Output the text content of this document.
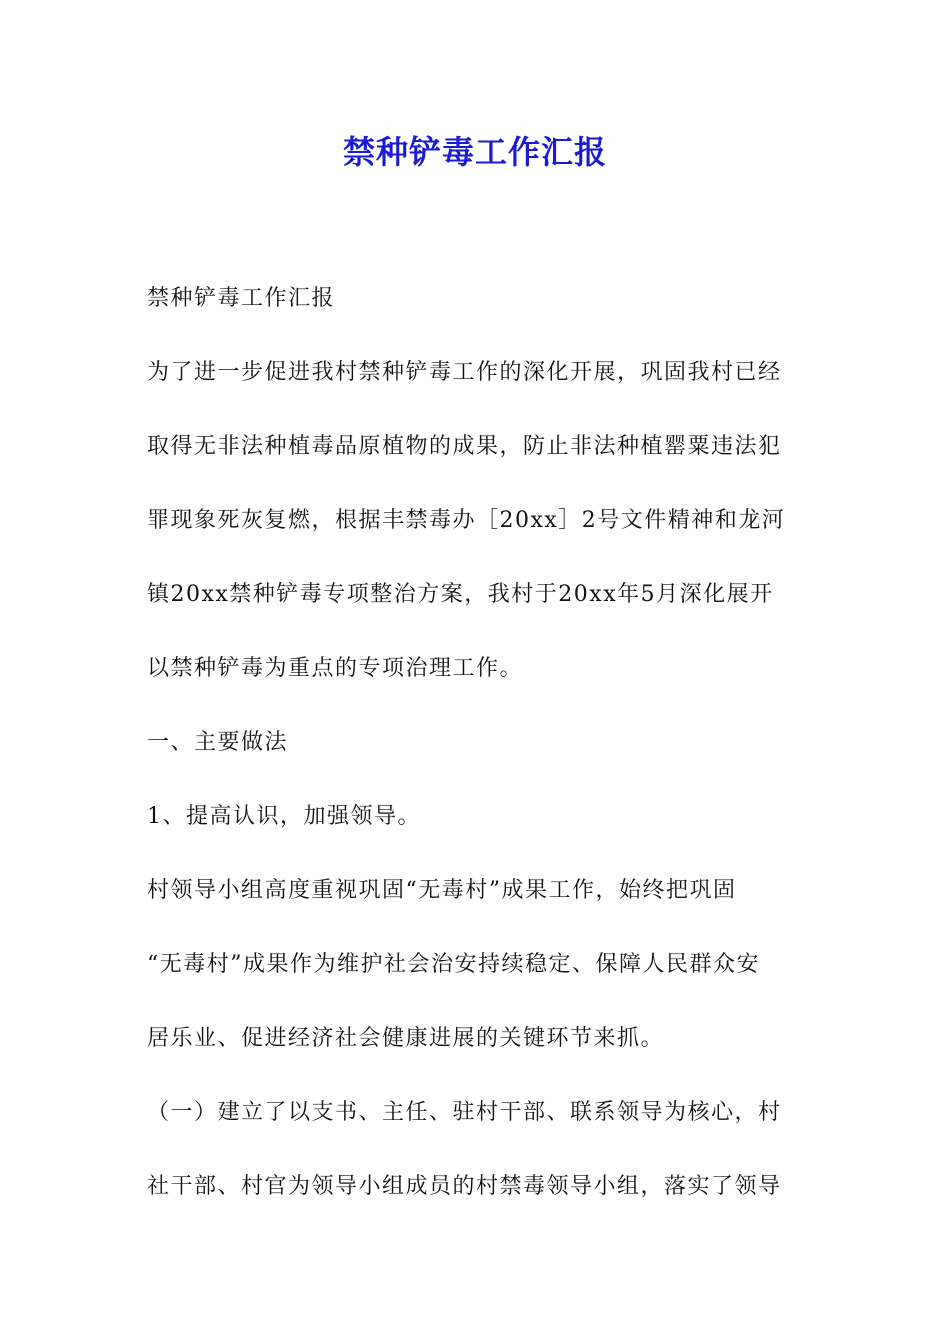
禁种铲毒工作汇报
禁种铲毒工作汇报
为了进一步促进我村禁种铲毒工作的深化开展，巩固我村已经
取得无非法种植毒品原植物的成果，防止非法种植罂粟违法犯
罪现象死灰复燃，根据丰禁毒办［20xx］2号文件精神和龙河
镇20xx禁种铲毒专项整治方案，我村于20xx年5月深化展开
以禁种铲毒为重点的专项治理工作。
一、主要做法
1、提高认识，加强领导。
村领导小组高度重视巩固“无毒村”成果工作，始终把巩固
“无毒村”成果作为维护社会治安持续稳定、保障人民群众安
居乐业、促进经济社会健康进展的关键环节来抓。
（一）建立了以支书、主任、驻村干部、联系领导为核心，村
社干部、村官为领导小组成员的村禁毒领导小组，落实了领导
